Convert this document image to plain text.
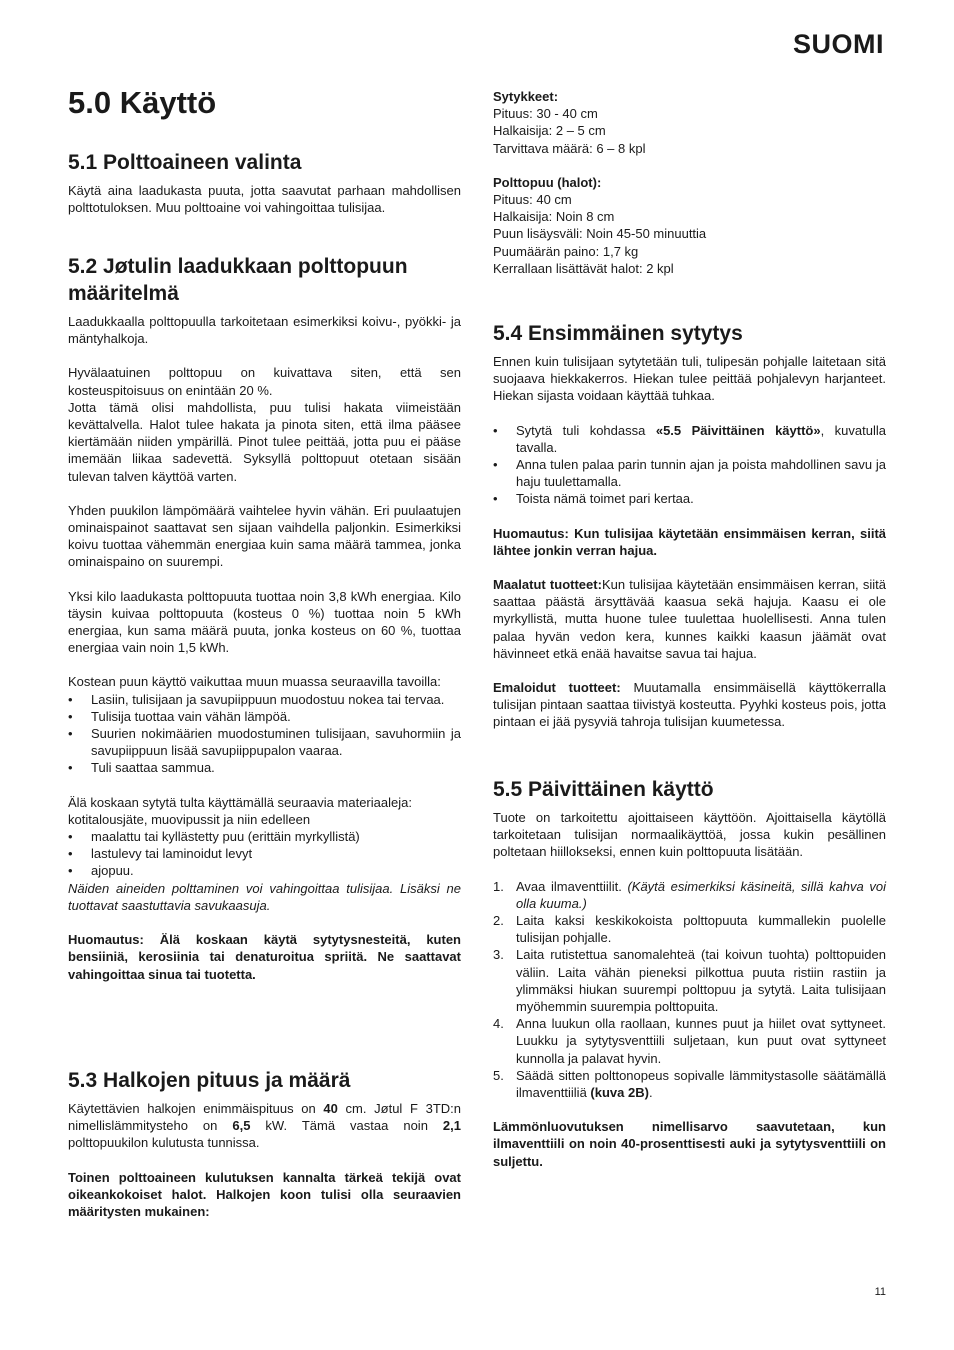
SUOMI
5.0 Käyttö
5.1 Polttoaineen valinta

Käytä aina laadukasta puuta, jotta saavutat parhaan mahdollisen polttotuloksen. Muu polttoaine voi vahingoittaa tulisijaa.

5.2 Jøtulin laadukkaan polttopuun määritelmä

Laadukkaalla polttopuulla tarkoitetaan esimerkiksi koivu-, pyökki- ja mäntyhalkoja.

Hyvälaatuinen polttopuu on kuivattava siten, että sen kosteuspitoisuus on enintään 20 %.

Jotta tämä olisi mahdollista, puu tulisi hakata viimeistään kevättalvella. Halot tulee hakata ja pinota siten, että ilma pääsee kiertämään niiden ympärillä. Pinot tulee peittää, jotta puu ei pääse imemään liikaa sadevettä. Syksyllä polttopuut otetaan sisään tulevan talven käyttöä varten.

Yhden puukilon lämpömäärä vaihtelee hyvin vähän. Eri puulaatujen ominaispainot saattavat sen sijaan vaihdella paljonkin. Esimerkiksi koivu tuottaa vähemmän energiaa kuin sama määrä tammea, jonka ominaispaino on suurempi.

Yksi kilo laadukasta polttopuuta tuottaa noin 3,8 kWh energiaa. Kilo täysin kuivaa polttopuuta (kosteus 0 %) tuottaa noin 5 kWh energiaa, kun sama määrä puuta, jonka kosteus on 60 %, tuottaa energiaa vain noin 1,5 kWh.

Kostean puun käyttö vaikuttaa muun muassa seuraavilla tavoilla:

• Lasiin, tulisijaan ja savupiippuun muodostuu nokea tai tervaa.
• Tulisija tuottaa vain vähän lämpöä.
• Suurien nokimäärien muodostuminen tulisijaan, savuhormiin ja savupiippuun lisää savupiippupalon vaaraa.
• Tuli saattaa sammua.

Älä koskaan sytytä tulta käyttämällä seuraavia materiaaleja:

kotitalousjäte, muovipussit ja niin edelleen

• maalattu tai kyllästetty puu (erittäin myrkyllistä)
• lastulevy tai laminoidut levyt
• ajopuu.

Näiden aineiden polttaminen voi vahingoittaa tulisijaa. Lisäksi ne tuottavat saastuttavia savukaasuja.

Huomautus: Älä koskaan käytä sytytysnesteitä, kuten bensiiniä, kerosiinia tai denaturoitua spriitä. Ne saattavat vahingoittaa sinua tai tuotetta.

5.3 Halkojen pituus ja määrä

Käytettävien halkojen enimmäispituus on 40 cm. Jøtul F 3TD:n nimellislämmitysteho on 6,5 kW. Tämä vastaa noin 2,1 polttopuukilon kulutusta tunnissa.

Toinen polttoaineen kulutuksen kannalta tärkeä tekijä ovat oikeankokoiset halot. Halkojen koon tulisi olla seuraavien määritysten mukainen:

Sytykkeet:

Pituus: 30 - 40 cm

Halkaisija: 2 – 5 cm

Tarvittava määrä: 6 – 8 kpl

Polttopuu (halot):

Pituus: 40 cm

Halkaisija: Noin 8 cm

Puun lisäysväli: Noin 45-50 minuuttia

Puumäärän paino: 1,7 kg

Kerrallaan lisättävät halot: 2 kpl

5.4 Ensimmäinen sytytys

Ennen kuin tulisijaan sytytetään tuli, tulipesän pohjalle laitetaan sitä suojaava hiekkakerros. Hiekan tulee peittää pohjalevyn harjanteet. Hiekan sijasta voidaan käyttää tuhkaa.

• Sytytä tuli kohdassa «5.5 Päivittäinen käyttö», kuvatulla tavalla.
• Anna tulen palaa parin tunnin ajan ja poista mahdollinen savu ja haju tuulettamalla.
• Toista nämä toimet pari kertaa.

Huomautus: Kun tulisijaa käytetään ensimmäisen kerran, siitä lähtee jonkin verran hajua.

Maalatut tuotteet:Kun tulisijaa käytetään ensimmäisen kerran, siitä saattaa päästä ärsyttävää kaasua sekä hajuja. Kaasu ei ole myrkyllistä, mutta huone tulee tuulettaa huolellisesti. Anna tulen palaa hyvän vedon kera, kunnes kaikki kaasun jäämät ovat hävinneet etkä enää havaitse savua tai hajua.

Emaloidut tuotteet: Muutamalla ensimmäisellä käyttökerralla tulisijan pintaan saattaa tiivistyä kosteutta. Pyyhki kosteus pois, jotta pintaan ei jää pysyviä tahroja tulisijan kuumetessa.

5.5 Päivittäinen käyttö

Tuote on tarkoitettu ajoittaiseen käyttöön. Ajoittaisella käytöllä tarkoitetaan tulisijan normaalikäyttöä, jossa kukin pesällinen poltetaan hiillokseksi, ennen kuin polttopuuta lisätään.

1. Avaa ilmaventtiilit. (Käytä esimerkiksi käsineitä, sillä kahva voi olla kuuma.)
2. Laita kaksi keskikokoista polttopuuta kummallekin puolelle tulisijan pohjalle.
3. Laita rutistettua sanomalehteä (tai koivun tuohta) polttopuiden väliin. Laita vähän pieneksi pilkottua puuta ristiin rastiin ja ylimmäksi hiukan suurempi polttopuu ja sytytä. Laita tulisijaan myöhemmin suurempia polttopuita.
4. Anna luukun olla raollaan, kunnes puut ja hiilet ovat syttyneet. Luukku ja sytytysventtiili suljetaan, kun puut ovat syttyneet kunnolla ja palavat hyvin.
5. Säädä sitten polttonopeus sopivalle lämmitystasolle säätämällä ilmaventtiiliä (kuva 2B).

Lämmönluovutuksen nimellisarvo saavutetaan, kun ilmaventtiili on noin 40-prosenttisesti auki ja sytytysventtiili on suljettu.

11
